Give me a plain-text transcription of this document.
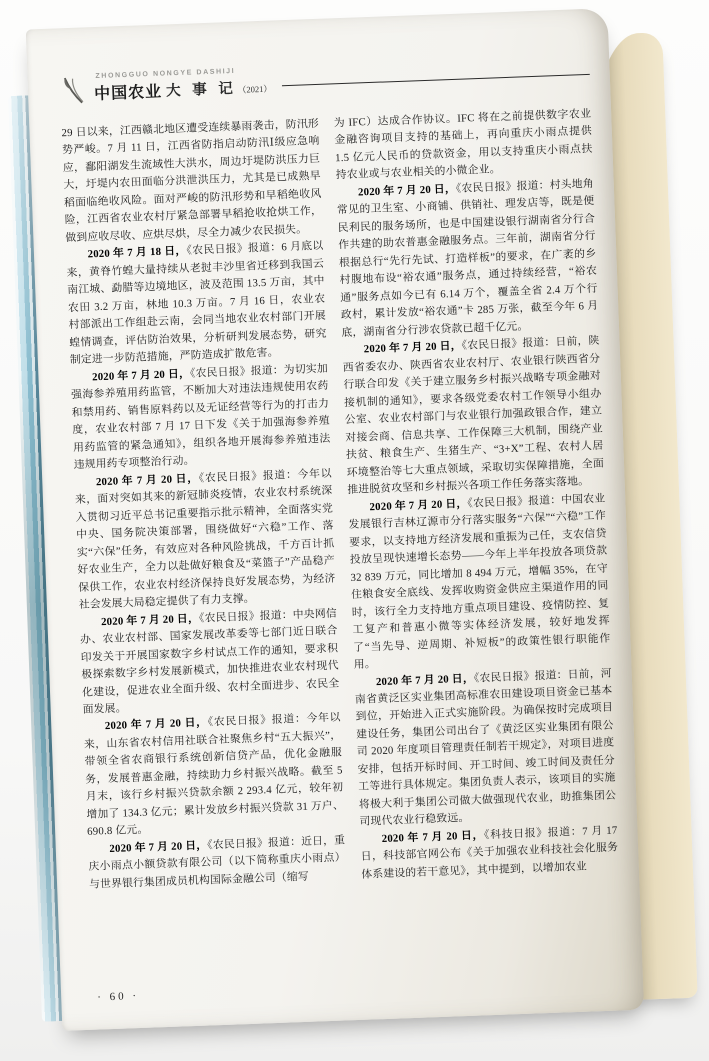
ZHONGGUO NONGYE DASHIJI
中国农业 大 事 记 （2021）

29 日以来，江西赣北地区遭受连续暴雨袭击，防汛形势严峻。7 月 11 日，江西省防指启动防汛Ⅰ级应急响应，鄱阳湖发生流域性大洪水，周边圩堤防洪压力巨大，圩堤内农田面临分洪泄洪压力，尤其是已成熟早稻面临绝收风险。面对严峻的防汛形势和早稻绝收风险，江西省农业农村厅紧急部署早稻抢收抢烘工作，做到应收尽收、应烘尽烘，尽全力减少农民损失。

2020 年 7 月 18 日，《农民日报》报道：6 月底以来，黄脊竹蝗大量持续从老挝丰沙里省迁移到我国云南江城、勐腊等边境地区，波及范围 13.5 万亩，其中农田 3.2 万亩，林地 10.3 万亩。7 月 16 日，农业农村部派出工作组赴云南，会同当地农业农村部门开展蝗情调查，评估防治效果，分析研判发展态势，研究制定进一步防范措施，严防造成扩散危害。

2020 年 7 月 20 日，《农民日报》报道：为切实加强海参养殖用药监管，不断加大对违法违规使用农药和禁用药、销售原料药以及无证经营等行为的打击力度，农业农村部 7 月 17 日下发《关于加强海参养殖用药监管的紧急通知》，组织各地开展海参养殖违法违规用药专项整治行动。

2020 年 7 月 20 日，《农民日报》报道：今年以来，面对突如其来的新冠肺炎疫情，农业农村系统深入贯彻习近平总书记重要指示批示精神，全面落实党中央、国务院决策部署，围绕做好“六稳”工作、落实“六保”任务，有效应对各种风险挑战，千方百计抓好农业生产，全力以赴做好粮食及“菜篮子”产品稳产保供工作，农业农村经济保持良好发展态势，为经济社会发展大局稳定提供了有力支撑。

2020 年 7 月 20 日，《农民日报》报道：中央网信办、农业农村部、国家发展改革委等七部门近日联合印发关于开展国家数字乡村试点工作的通知，要求积极探索数字乡村发展新模式，加快推进农业农村现代化建设，促进农业全面升级、农村全面进步、农民全面发展。

2020 年 7 月 20 日，《农民日报》报道：今年以来，山东省农村信用社联合社聚焦乡村“五大振兴”，带领全省农商银行系统创新信贷产品，优化金融服务，发展普惠金融，持续助力乡村振兴战略。截至 5 月末，该行乡村振兴贷款余额 2 293.4 亿元，较年初增加了 134.3 亿元；累计发放乡村振兴贷款 31 万户、690.8 亿元。

2020 年 7 月 20 日，《农民日报》报道：近日，重庆小雨点小额贷款有限公司（以下简称重庆小雨点）与世界银行集团成员机构国际金融公司（缩写

为 IFC）达成合作协议。IFC 将在之前提供数字农业金融咨询项目支持的基础上，再向重庆小雨点提供 1.5 亿元人民币的贷款资金，用以支持重庆小雨点扶持农业或与农业相关的小微企业。

2020 年 7 月 20 日，《农民日报》报道：村头地角常见的卫生室、小商铺、供销社、理发店等，既是便民利民的服务场所，也是中国建设银行湖南省分行合作共建的助农普惠金融服务点。三年前，湖南省分行根据总行“先行先试、打造样板”的要求，在广袤的乡村腹地布设“裕农通”服务点，通过持续经营，“裕农通”服务点如今已有 6.14 万个，覆盖全省 2.4 万个行政村，累计发放“裕农通”卡 285 万张，截至今年 6 月底，湖南省分行涉农贷款已超千亿元。

2020 年 7 月 20 日，《农民日报》报道：日前，陕西省委农办、陕西省农业农村厅、农业银行陕西省分行联合印发《关于建立服务乡村振兴战略专项金融对接机制的通知》，要求各级党委农村工作领导小组办公室、农业农村部门与农业银行加强政银合作，建立对接会商、信息共享、工作保障三大机制，围绕产业扶贫、粮食生产、生猪生产、“3+X”工程、农村人居环境整治等七大重点领域，采取切实保障措施，全面推进脱贫攻坚和乡村振兴各项工作任务落实落地。

2020 年 7 月 20 日，《农民日报》报道：中国农业发展银行吉林辽源市分行落实服务“六保”“六稳”工作要求，以支持地方经济发展和重振为己任，支农信贷投放呈现快速增长态势——今年上半年投放各项贷款 32 839 万元，同比增加 8 494 万元，增幅 35%，在守住粮食安全底线、发挥收购资金供应主渠道作用的同时，该行全力支持地方重点项目建设、疫情防控、复工复产和普惠小微等实体经济发展，较好地发挥了“当先导、逆周期、补短板”的政策性银行职能作用。

2020 年 7 月 20 日，《农民日报》报道：日前，河南省黄泛区实业集团高标准农田建设项目资金已基本到位，开始进入正式实施阶段。为确保按时完成项目建设任务，集团公司出台了《黄泛区实业集团有限公司 2020 年度项目管理责任制若干规定》，对项目进度安排，包括开标时间、开工时间、竣工时间及责任分工等进行具体规定。集团负责人表示，该项目的实施将极大利于集团公司做大做强现代农业，助推集团公司现代农业行稳致远。

2020 年 7 月 20 日，《科技日报》报道：7 月 17 日，科技部官网公布《关于加强农业科技社会化服务体系建设的若干意见》，其中提到，以增加农业

· 60 ·
